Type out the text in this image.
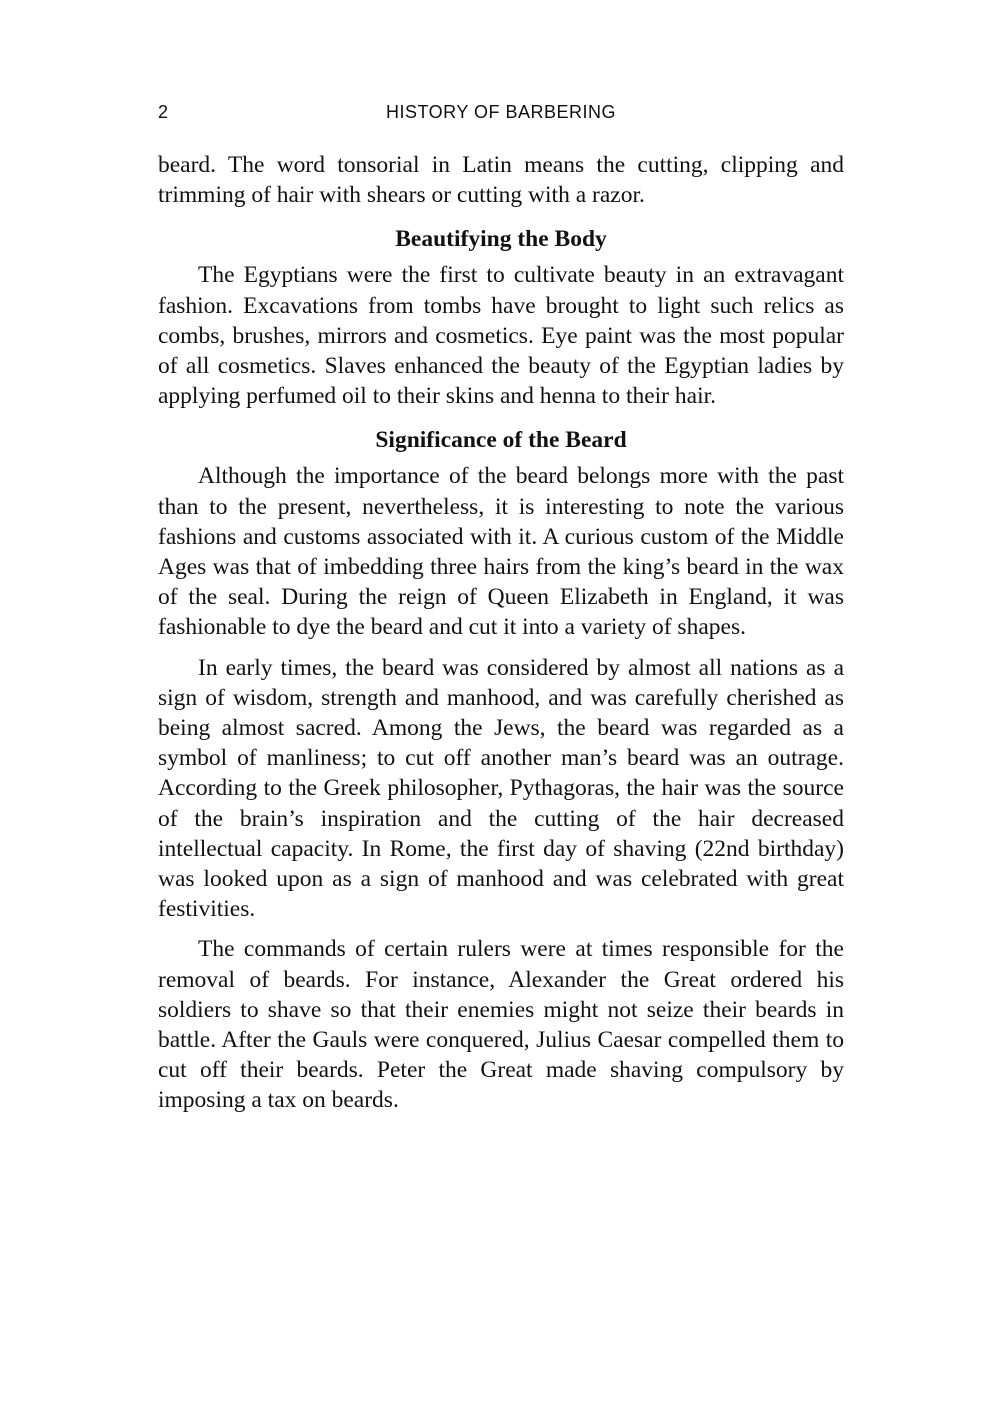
2	HISTORY OF BARBERING

beard. The word tonsorial in Latin means the cutting, clipping and trimming of hair with shears or cutting with a razor.

Beautifying the Body

The Egyptians were the first to cultivate beauty in an extravagant fashion. Excavations from tombs have brought to light such relics as combs, brushes, mirrors and cosmetics. Eye paint was the most popular of all cosmetics. Slaves enhanced the beauty of the Egyptian ladies by applying perfumed oil to their skins and henna to their hair.

Significance of the Beard

Although the importance of the beard belongs more with the past than to the present, nevertheless, it is interesting to note the various fashions and customs associated with it. A curious custom of the Middle Ages was that of imbedding three hairs from the king’s beard in the wax of the seal. During the reign of Queen Elizabeth in England, it was fashionable to dye the beard and cut it into a variety of shapes.

In early times, the beard was considered by almost all nations as a sign of wisdom, strength and manhood, and was carefully cherished as being almost sacred. Among the Jews, the beard was regarded as a symbol of manliness; to cut off another man’s beard was an outrage. According to the Greek philosopher, Pythagoras, the hair was the source of the brain’s inspiration and the cutting of the hair decreased intellectual capacity. In Rome, the first day of shaving (22nd birthday) was looked upon as a sign of manhood and was celebrated with great festivities.

The commands of certain rulers were at times responsible for the removal of beards. For instance, Alexander the Great ordered his soldiers to shave so that their enemies might not seize their beards in battle. After the Gauls were conquered, Julius Caesar compelled them to cut off their beards. Peter the Great made shaving compulsory by imposing a tax on beards.
